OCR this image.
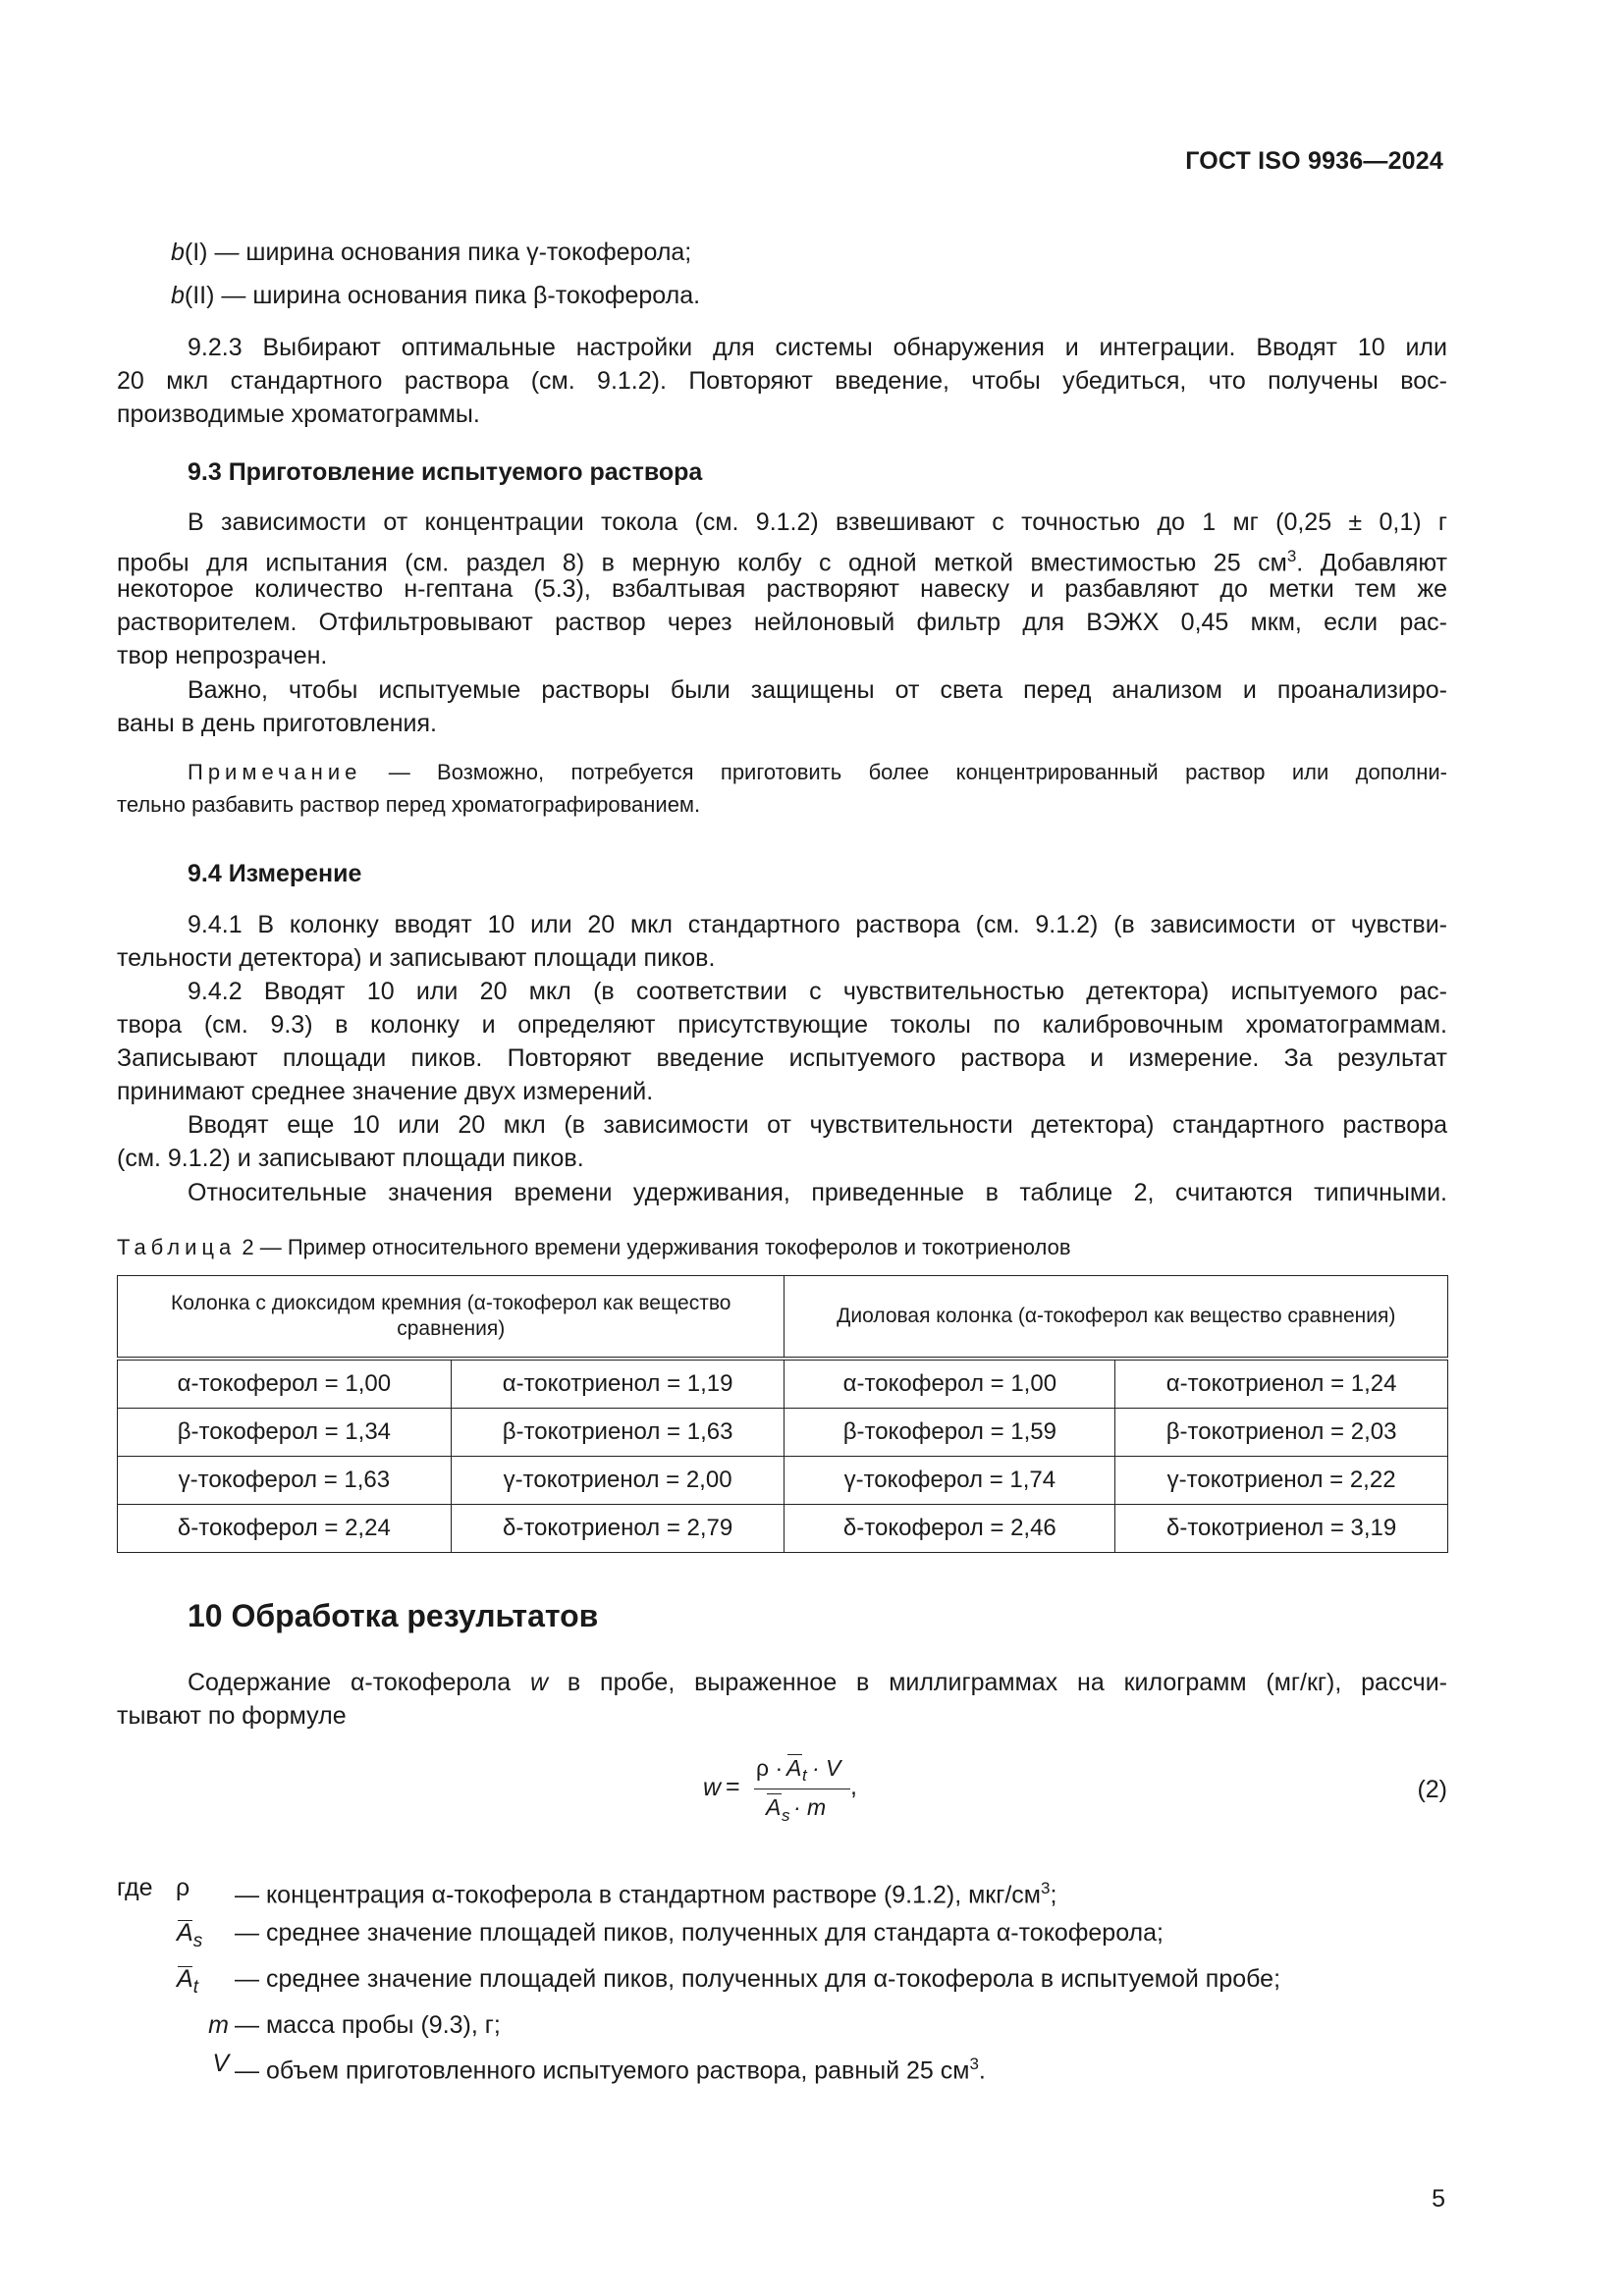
ГОСТ ISO 9936—2024
b(I) — ширина основания пика γ-токоферола;
b(II) — ширина основания пика β-токоферола.
9.2.3 Выбирают оптимальные настройки для системы обнаружения и интеграции. Вводят 10 или
20 мкл стандартного раствора (см. 9.1.2). Повторяют введение, чтобы убедиться, что получены вос-
производимые хроматограммы.
9.3 Приготовление испытуемого раствора
В зависимости от концентрации токола (см. 9.1.2) взвешивают с точностью до 1 мг (0,25 ± 0,1) г
пробы для испытания (см. раздел 8) в мерную колбу с одной меткой вместимостью 25 $см^3$. Добавляют
некоторое количество н-гептана (5.3), взбалтывая растворяют навеску и разбавляют до метки тем же
растворителем. Отфильтровывают раствор через нейлоновый фильтр для ВЭЖХ 0,45 мкм, если рас-
твор непрозрачен.
Важно, чтобы испытуемые растворы были защищены от света перед анализом и проанализиро-
ваны в день приготовления.
Примечание — Возможно, потребуется приготовить более концентрированный раствор или дополни-
тельно разбавить раствор перед хроматографированием.
9.4 Измерение
9.4.1 В колонку вводят 10 или 20 мкл стандартного раствора (см. 9.1.2) (в зависимости от чувстви-
тельности детектора) и записывают площади пиков.
9.4.2 Вводят 10 или 20 мкл (в соответствии с чувствительностью детектора) испытуемого рас-
твора (см. 9.3) в колонку и определяют присутствующие токолы по калибровочным хроматограммам.
Записывают площади пиков. Повторяют введение испытуемого раствора и измерение. За результат
принимают среднее значение двух измерений.
Вводят еще 10 или 20 мкл (в зависимости от чувствительности детектора) стандартного раствора
(см. 9.1.2) и записывают площади пиков.
Относительные значения времени удерживания, приведенные в таблице 2, считаются типичными.
Таблица 2 — Пример относительного времени удерживания токоферолов и токотриенолов
Колонка с диоксидом кремния (α-токоферол как вещество сравнения)		Диоловая колонка (α-токоферол как вещество сравнения)	
α-токоферол = 1,00	α-токотриенол = 1,19	α-токоферол = 1,00	α-токотриенол = 1,24
β-токоферол = 1,34	β-токотриенол = 1,63	β-токоферол = 1,59	β-токотриенол = 2,03
γ-токоферол = 1,63	γ-токотриенол = 2,00	γ-токоферол = 1,74	γ-токотриенол = 2,22
δ-токоферол = 2,24	δ-токотриенол = 2,79	δ-токоферол = 2,46	δ-токотриенол = 3,19
10 Обработка результатов
Содержание α-токоферола w в пробе, выраженное в миллиграммах на килограмм (мг/кг), рассчи-
тывают по формуле
w =
ρ · A t · V
A s · m
,	(2)
где	ρ	— концентрация α-токоферола в стандартном растворе (9.1.2), мкг/$см^3$;

$A_s$	— среднее значение площадей пиков, полученных для стандарта α-токоферола;

$A_t$	— среднее значение площадей пиков, полученных для α-токоферола в испытуемой пробе;
	m	— масса пробы (9.3), г;
	V	— объем приготовленного испытуемого раствора, равный 25 $см^3$.
5
